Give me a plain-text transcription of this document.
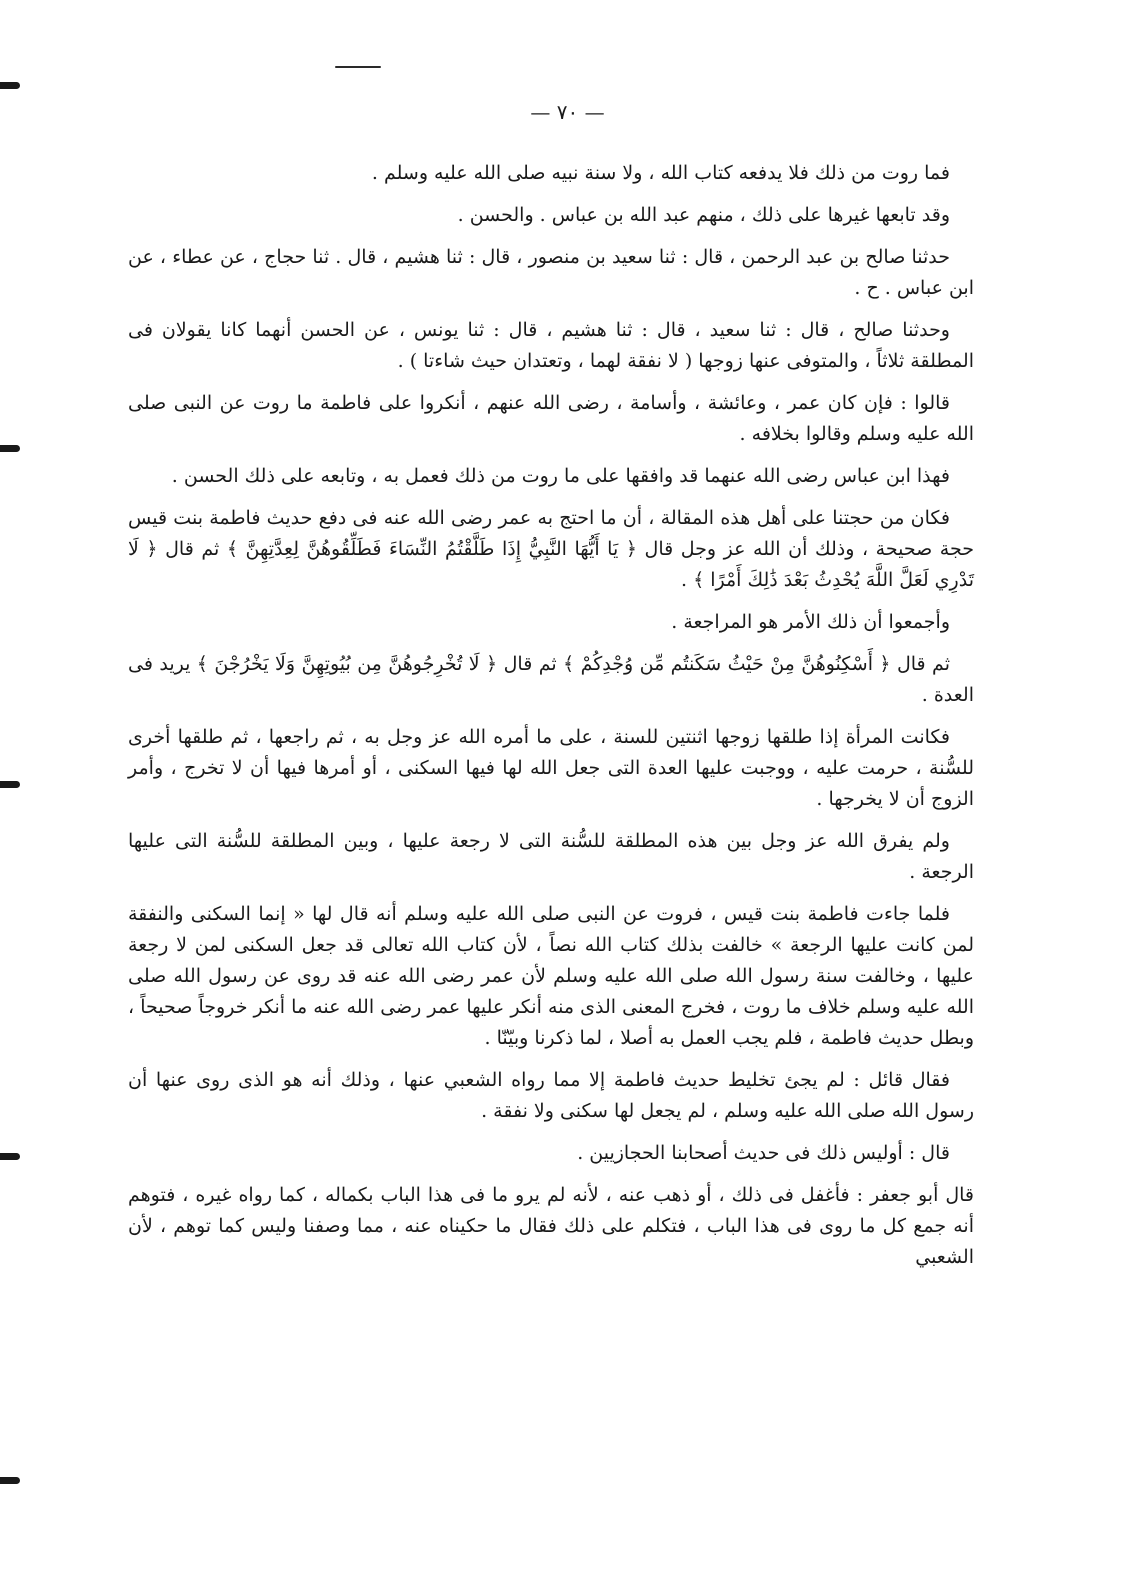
— ٧٠ —

فما روت من ذلك فلا يدفعه كتاب الله ، ولا سنة نبيه صلى الله عليه وسلم .

وقد تابعها غيرها على ذلك ، منهم عبد الله بن عباس . والحسن .

حدثنا صالح بن عبد الرحمن ، قال : ثنا سعيد بن منصور ، قال : ثنا هشيم ، قال . ثنا حجاج ، عن عطاء ، عن ابن عباس . ح .

وحدثنا صالح ، قال : ثنا سعيد ، قال : ثنا هشيم ، قال : ثنا يونس ، عن الحسن أنهما كانا يقولان فى المطلقة ثلاثاً ، والمتوفى عنها زوجها ( لا نفقة لهما ، وتعتدان حيث شاءتا ) .

قالوا : فإن كان عمر ، وعائشة ، وأسامة ، رضى الله عنهم ، أنكروا على فاطمة ما روت عن النبى صلى الله عليه وسلم وقالوا بخلافه .

فهذا ابن عباس رضى الله عنهما قد وافقها على ما روت من ذلك فعمل به ، وتابعه على ذلك الحسن .

فكان من حجتنا على أهل هذه المقالة ، أن ما احتج به عمر رضى الله عنه فى دفع حديث فاطمة بنت قيس حجة صحيحة ، وذلك أن الله عز وجل قال ﴿ يَا أَيُّهَا النَّبِيُّ إِذَا طَلَّقْتُمُ النِّسَاءَ فَطَلِّقُوهُنَّ لِعِدَّتِهِنَّ ﴾ ثم قال ﴿ لَا تَدْرِي لَعَلَّ اللَّهَ يُحْدِثُ بَعْدَ ذَٰلِكَ أَمْرًا ﴾ .

وأجمعوا أن ذلك الأمر هو المراجعة .

ثم قال ﴿ أَسْكِنُوهُنَّ مِنْ حَيْثُ سَكَنتُم مِّن وُجْدِكُمْ ﴾ ثم قال ﴿ لَا تُخْرِجُوهُنَّ مِن بُيُوتِهِنَّ وَلَا يَخْرُجْنَ ﴾ يريد فى العدة .

فكانت المرأة إذا طلقها زوجها اثنتين للسنة ، على ما أمره الله عز وجل به ، ثم راجعها ، ثم طلقها أخرى للسُّنة ، حرمت عليه ، ووجبت عليها العدة التى جعل الله لها فيها السكنى ، أو أمرها فيها أن لا تخرج ، وأمر الزوج أن لا يخرجها .

ولم يفرق الله عز وجل بين هذه المطلقة للسُّنة التى لا رجعة عليها ، وبين المطلقة للسُّنة التى عليها الرجعة .

فلما جاءت فاطمة بنت قيس ، فروت عن النبى صلى الله عليه وسلم أنه قال لها « إنما السكنى والنفقة لمن كانت عليها الرجعة » خالفت بذلك كتاب الله نصاً ، لأن كتاب الله تعالى قد جعل السكنى لمن لا رجعة عليها ، وخالفت سنة رسول الله صلى الله عليه وسلم لأن عمر رضى الله عنه قد روى عن رسول الله صلى الله عليه وسلم خلاف ما روت ، فخرج المعنى الذى منه أنكر عليها عمر رضى الله عنه ما أنكر خروجاً صحيحاً ، وبطل حديث فاطمة ، فلم يجب العمل به أصلا ، لما ذكرنا وبيّنّا .

فقال قائل : لم يجئ تخليط حديث فاطمة إلا مما رواه الشعبي عنها ، وذلك أنه هو الذى روى عنها أن رسول الله صلى الله عليه وسلم ، لم يجعل لها سكنى ولا نفقة .

قال : أوليس ذلك فى حديث أصحابنا الحجازيين .

قال أبو جعفر : فأغفل فى ذلك ، أو ذهب عنه ، لأنه لم يرو ما فى هذا الباب بكماله ، كما رواه غيره ، فتوهم أنه جمع كل ما روى فى هذا الباب ، فتكلم على ذلك فقال ما حكيناه عنه ، مما وصفنا وليس كما توهم ، لأن الشعبي
